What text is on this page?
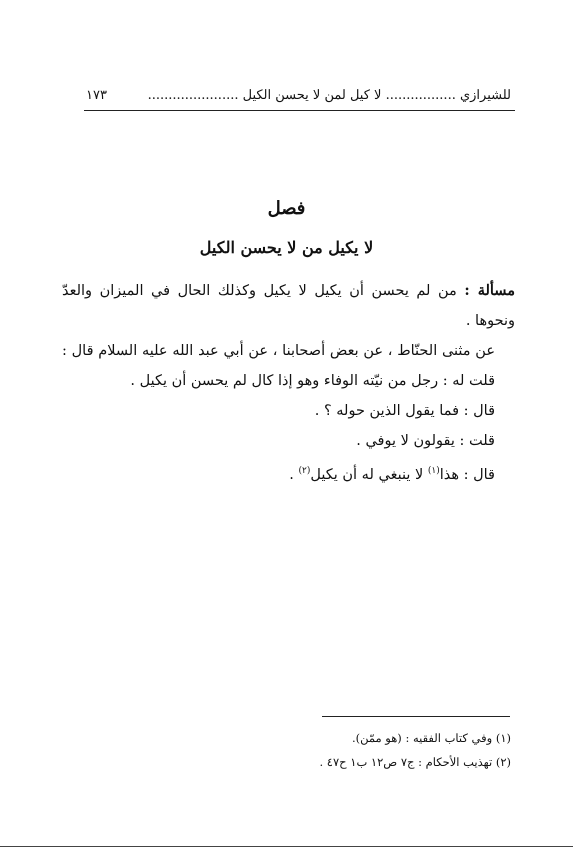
للشيرازي ................. لا كيل لمن لا يحسن الكيل ......................
١٧٣
فصل
لا يكيل من لا يحسن الكيل

مسألة : من لم يحسن أن يكيل لا يكيل وكذلك الحال في الميزان والعدّ ونحوها .

عن مثنى الحنّاط ، عن بعض أصحابنا ، عن أبي عبد الله عليه السلام قال : قلت له : رجل من نيّته الوفاء وهو إذا كال لم يحسن أن يكيل .

قال : فما يقول الذين حوله ؟ .

قلت : يقولون لا يوفي .

قال : هذا$^{(١)}$ لا ينبغي له أن يكيل$^{(٢)}$ .

(١) وفي كتاب الفقيه : (هو ممّن).

(٢) تهذيب الأحكام : ج٧ ص١٢ ب١ ح٤٧ .
